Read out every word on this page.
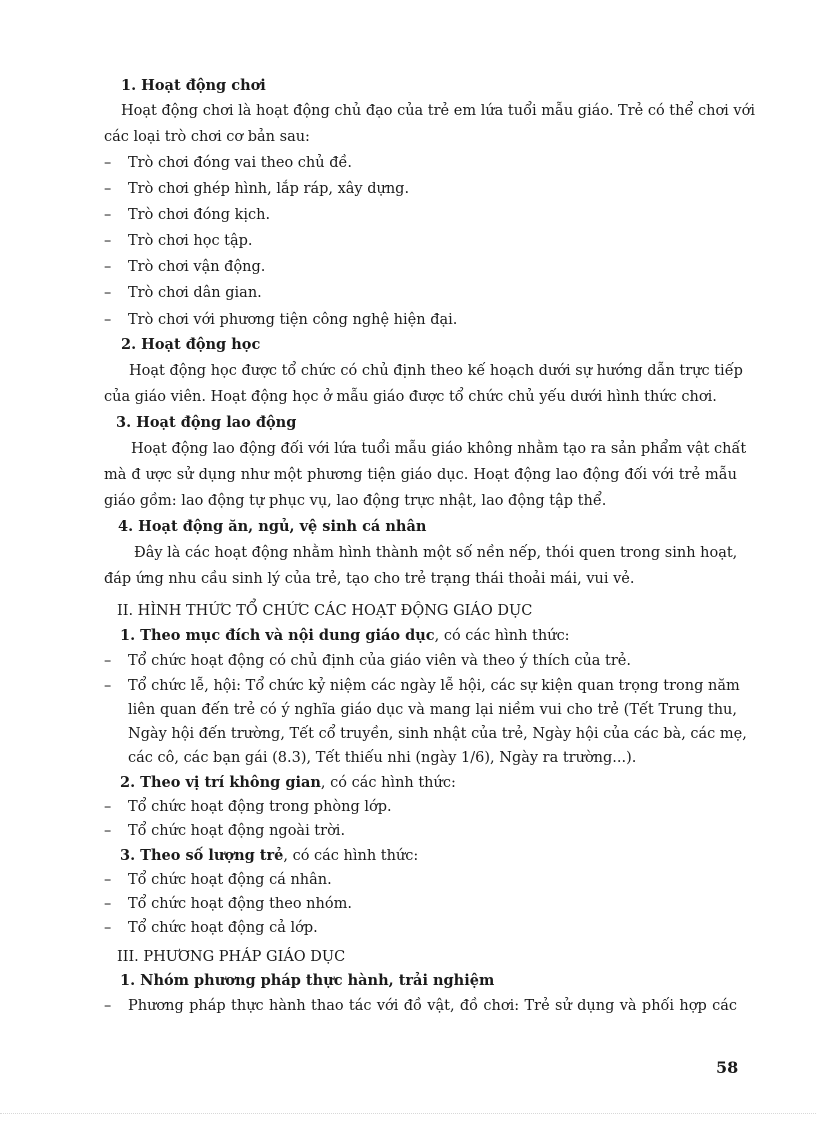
1. Hoạt động chơi
Hoạt động chơi là hoạt động chủ đạo của trẻ em lứa tuổi mẫu giáo. Trẻ có thể chơi với
các loại trò chơi cơ bản sau:
– Trò chơi đóng vai theo chủ đề.
– Trò chơi ghép hình, lắp ráp, xây dựng.
– Trò chơi đóng kịch.
– Trò chơi học tập.
– Trò chơi vận động.
– Trò chơi dân gian.
– Trò chơi với phương tiện công nghệ hiện đại.
2. Hoạt động học
Hoạt động học được tổ chức có chủ định theo kế hoạch dưới sự hướng dẫn trực tiếp
của giáo viên. Hoạt động học ở mẫu giáo được tổ chức chủ yếu dưới hình thức chơi.
3. Hoạt động lao động
Hoạt động lao động đối với lứa tuổi mẫu giáo không nhằm tạo ra sản phẩm vật chất
mà đ ược sử dụng như một phương tiện giáo dục. Hoạt động lao động đối với trẻ mẫu
giáo gồm: lao động tự phục vụ, lao động trực nhật, lao động tập thể.
4. Hoạt động ăn, ngủ, vệ sinh cá nhân
Đây là các hoạt động nhằm hình thành một số nền nếp, thói quen trong sinh hoạt,
đáp ứng nhu cầu sinh lý của trẻ, tạo cho trẻ trạng thái thoải mái, vui vẻ.
II. HÌNH THỨC TỔ CHỨC CÁC HOẠT ĐỘNG GIÁO DỤC
1. Theo mục đích và nội dung giáo dục, có các hình thức:
– Tổ chức hoạt động có chủ định của giáo viên và theo ý thích của trẻ.
– Tổ chức lễ, hội: Tổ chức kỷ niệm các ngày lễ hội, các sự kiện quan trọng trong năm
liên quan đến trẻ có ý nghĩa giáo dục và mang lại niềm vui cho trẻ (Tết Trung thu,
Ngày hội đến trường, Tết cổ truyền, sinh nhật của trẻ, Ngày hội của các bà, các mẹ,
các cô, các bạn gái (8.3), Tết thiếu nhi (ngày 1/6), Ngày ra trường...).
2. Theo vị trí không gian, có các hình thức:
– Tổ chức hoạt động trong phòng lớp.
– Tổ chức hoạt động ngoài trời.
3. Theo số lượng trẻ, có các hình thức:
– Tổ chức hoạt động cá nhân.
– Tổ chức hoạt động theo nhóm.
– Tổ chức hoạt động cả lớp.
III. PHƯƠNG PHÁP GIÁO DỤC
1. Nhóm phương pháp thực hành, trải nghiệm
– Phương pháp thực hành thao tác với đồ vật, đồ chơi: Trẻ sử dụng và phối hợp các
58
